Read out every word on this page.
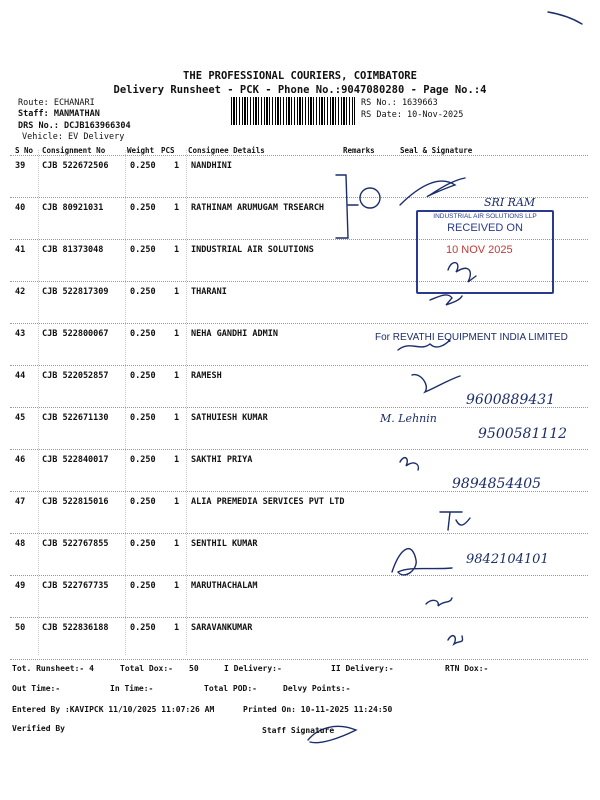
THE PROFESSIONAL COURIERS, COIMBATORE
Delivery Runsheet - PCK - Phone No.:9047080280 - Page No.:4
Route: ECHANARI
Staff: MANMATHAN
DRS No.: DCJB163966304
Vehicle: EV Delivery
RS No.: 1639663
RS Date: 10-Nov-2025
S No Consignment No	Weight PCS Consignee Details	Remarks	Seal & Signature
39 CJB 522672506	0.250 1 NANDHINI
40 CJB 80921031	0.250 1 RATHINAM ARUMUGAM TRSEARCH
41 CJB 81373048	0.250 1 INDUSTRIAL AIR SOLUTIONS
42 CJB 522817309	0.250 1 THARANI
43 CJB 522800067	0.250 1 NEHA GANDHI ADMIN
44 CJB 522052857	0.250 1 RAMESH
45 CJB 522671130	0.250 1 SATHUIESH KUMAR
46 CJB 522840017	0.250 1 SAKTHI PRIYA
47 CJB 522815016	0.250 1 ALIA PREMEDIA SERVICES PVT LTD
48 CJB 522767855	0.250 1 SENTHIL KUMAR
49 CJB 522767735	0.250 1 MARUTHACHALAM
50 CJB 522836188	0.250 1 SARAVANKUMAR
INDUSTRIAL AIR SOLUTIONS LLP
RECEIVED ON
10 NOV 2025
SRI RAM
For REVATHI EQUIPMENT INDIA LIMITED
9600889431
M. Lehnin
9500581112
9894854405
9842104101
Tot. Runsheet:- 4	Total Dox:- 50	I Delivery:-	II Delivery:-	RTN Dox:-
Out Time:-	In Time:-	Total POD:-	Delvy Points:-
Entered By :KAVIPCK 11/10/2025 11:07:26 AM	Printed On: 10-11-2025 11:24:50
Verified By	Staff Signature
